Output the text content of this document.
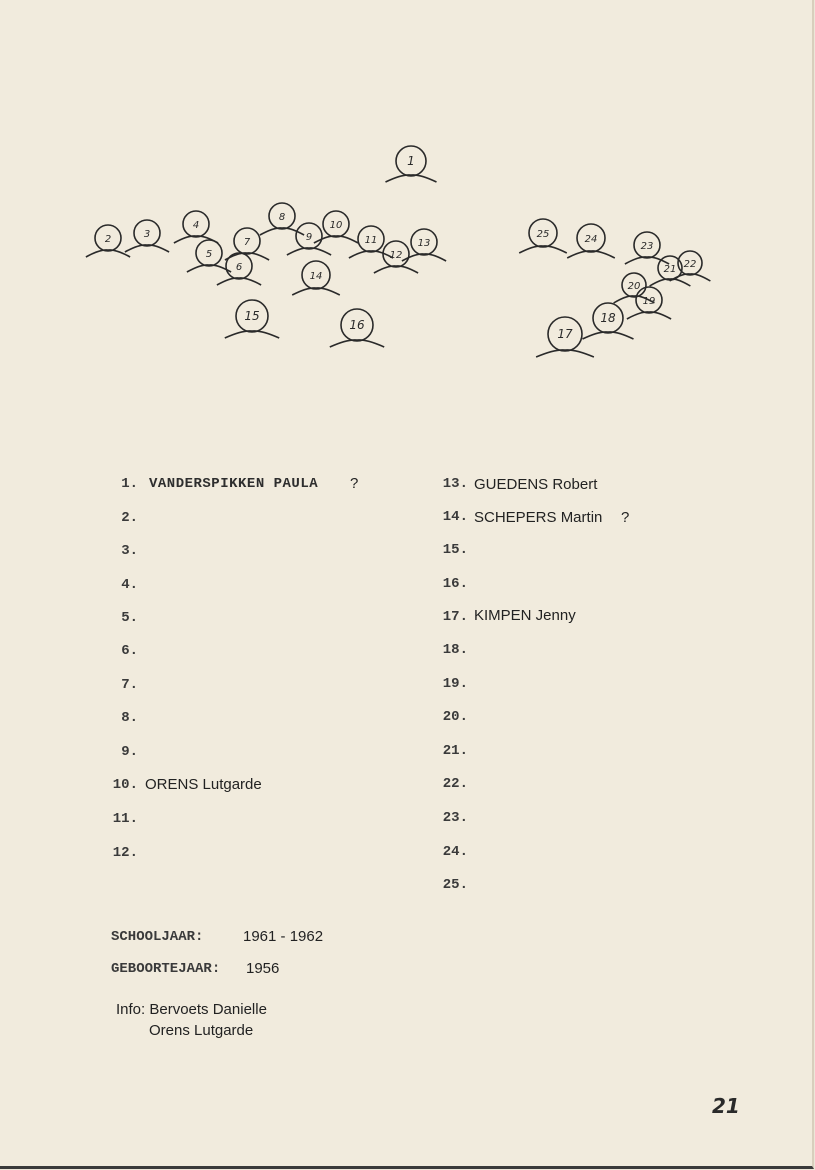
1
2	3
4
5
6
7
8
9
10
11
12
13
14
15
16
17
18
19
20
21 22
23
24
25
1. VANDERSPIKKEN PAULA ?
2.
3.
4.
5.
6.
7.
8.
9.
10. ORENS Lutgarde
11.
12.
13. GUEDENS Robert
14. SCHEPERS Martin ?
15.
16.
17. KIMPEN Jenny
18.
19.
20.
21.
22.
23.
24.
25.
SCHOOLJAAR:	1961 - 1962
GEBOORTEJAAR: 1956
Info: Bervoets Danielle
Orens Lutgarde
21
